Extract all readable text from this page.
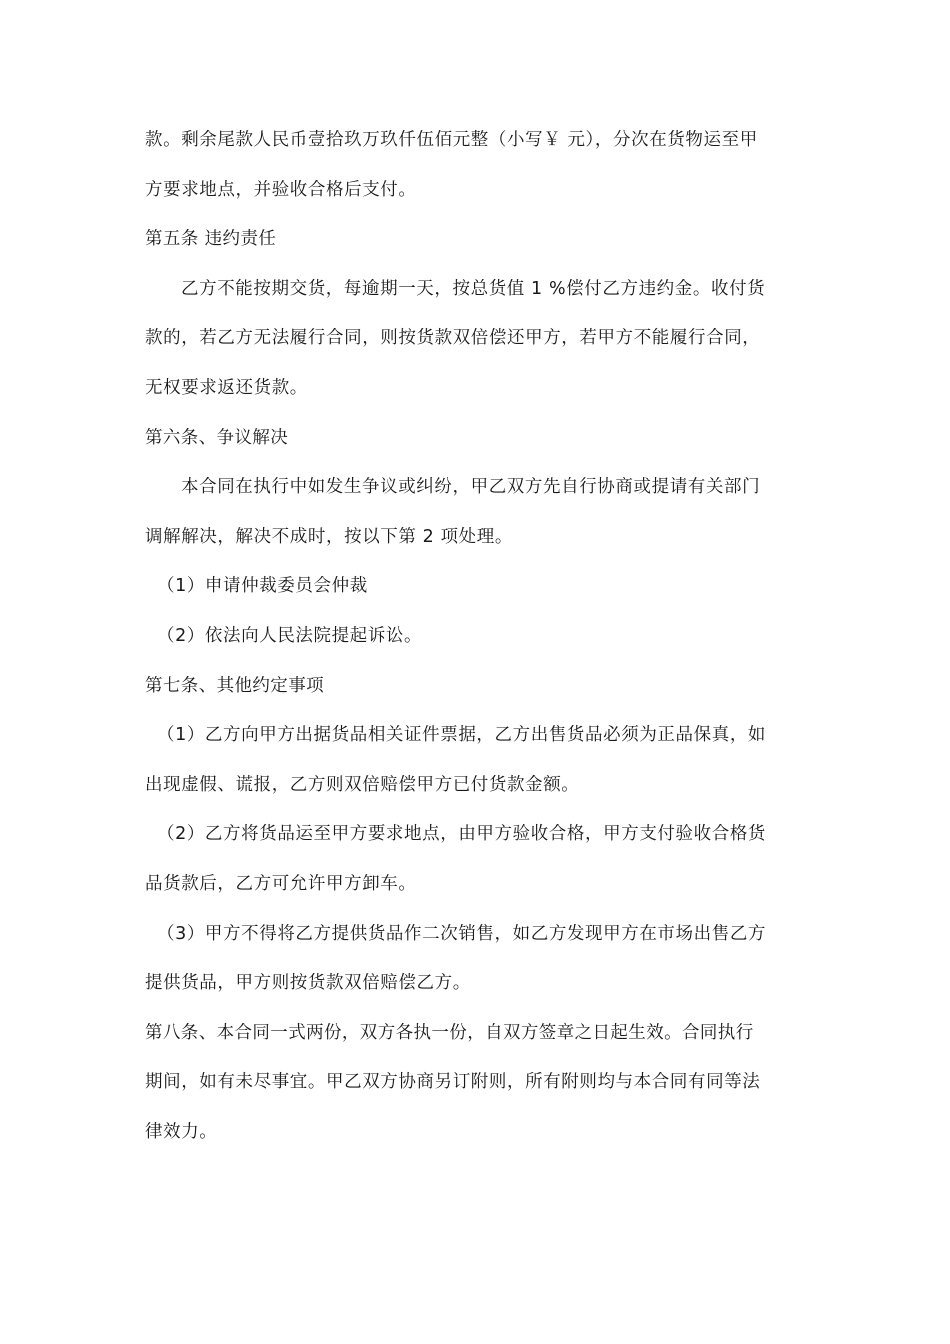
款。剩余尾款人民币壹拾玖万玖仟伍佰元整（小写￥ 元），分次在货物运至甲

方要求地点，并验收合格后支付。

第五条 违约责任

乙方不能按期交货，每逾期一天，按总货值 1 %偿付乙方违约金。收付货

款的，若乙方无法履行合同，则按货款双倍偿还甲方，若甲方不能履行合同，

无权要求返还货款。

第六条、争议解决

本合同在执行中如发生争议或纠纷，甲乙双方先自行协商或提请有关部门

调解解决，解决不成时，按以下第 2 项处理。

（1）申请仲裁委员会仲裁

（2）依法向人民法院提起诉讼。

第七条、其他约定事项

（1）乙方向甲方出据货品相关证件票据，乙方出售货品必须为正品保真，如

出现虚假、谎报，乙方则双倍赔偿甲方已付货款金额。

（2）乙方将货品运至甲方要求地点，由甲方验收合格，甲方支付验收合格货

品货款后，乙方可允许甲方卸车。

（3）甲方不得将乙方提供货品作二次销售，如乙方发现甲方在市场出售乙方

提供货品，甲方则按货款双倍赔偿乙方。

第八条、本合同一式两份，双方各执一份，自双方签章之日起生效。合同执行

期间，如有未尽事宜。甲乙双方协商另订附则，所有附则均与本合同有同等法

律效力。
